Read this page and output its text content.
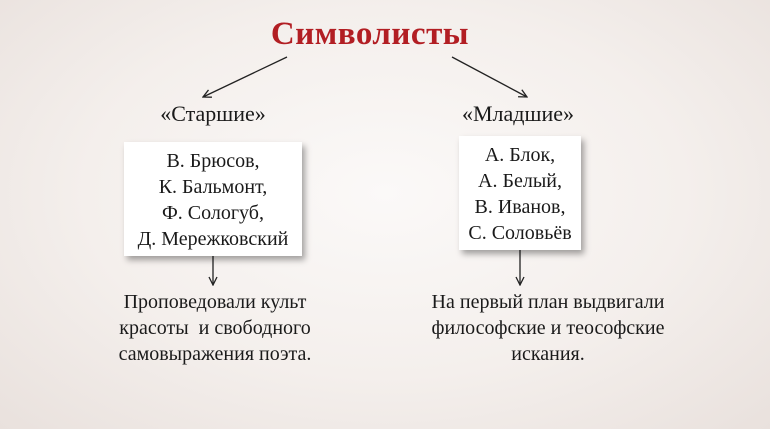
Символисты
«Старшие»	«Младшие»
В. Брюсов,
К. Бальмонт,
Ф. Сологуб,
Д. Мережковский
А. Блок,
А. Белый,
В. Иванов,
С. Соловьёв
Проповедовали культ
красоты  и свободного
самовыражения поэта.
На первый план выдвигали
философские и теософские
искания.
